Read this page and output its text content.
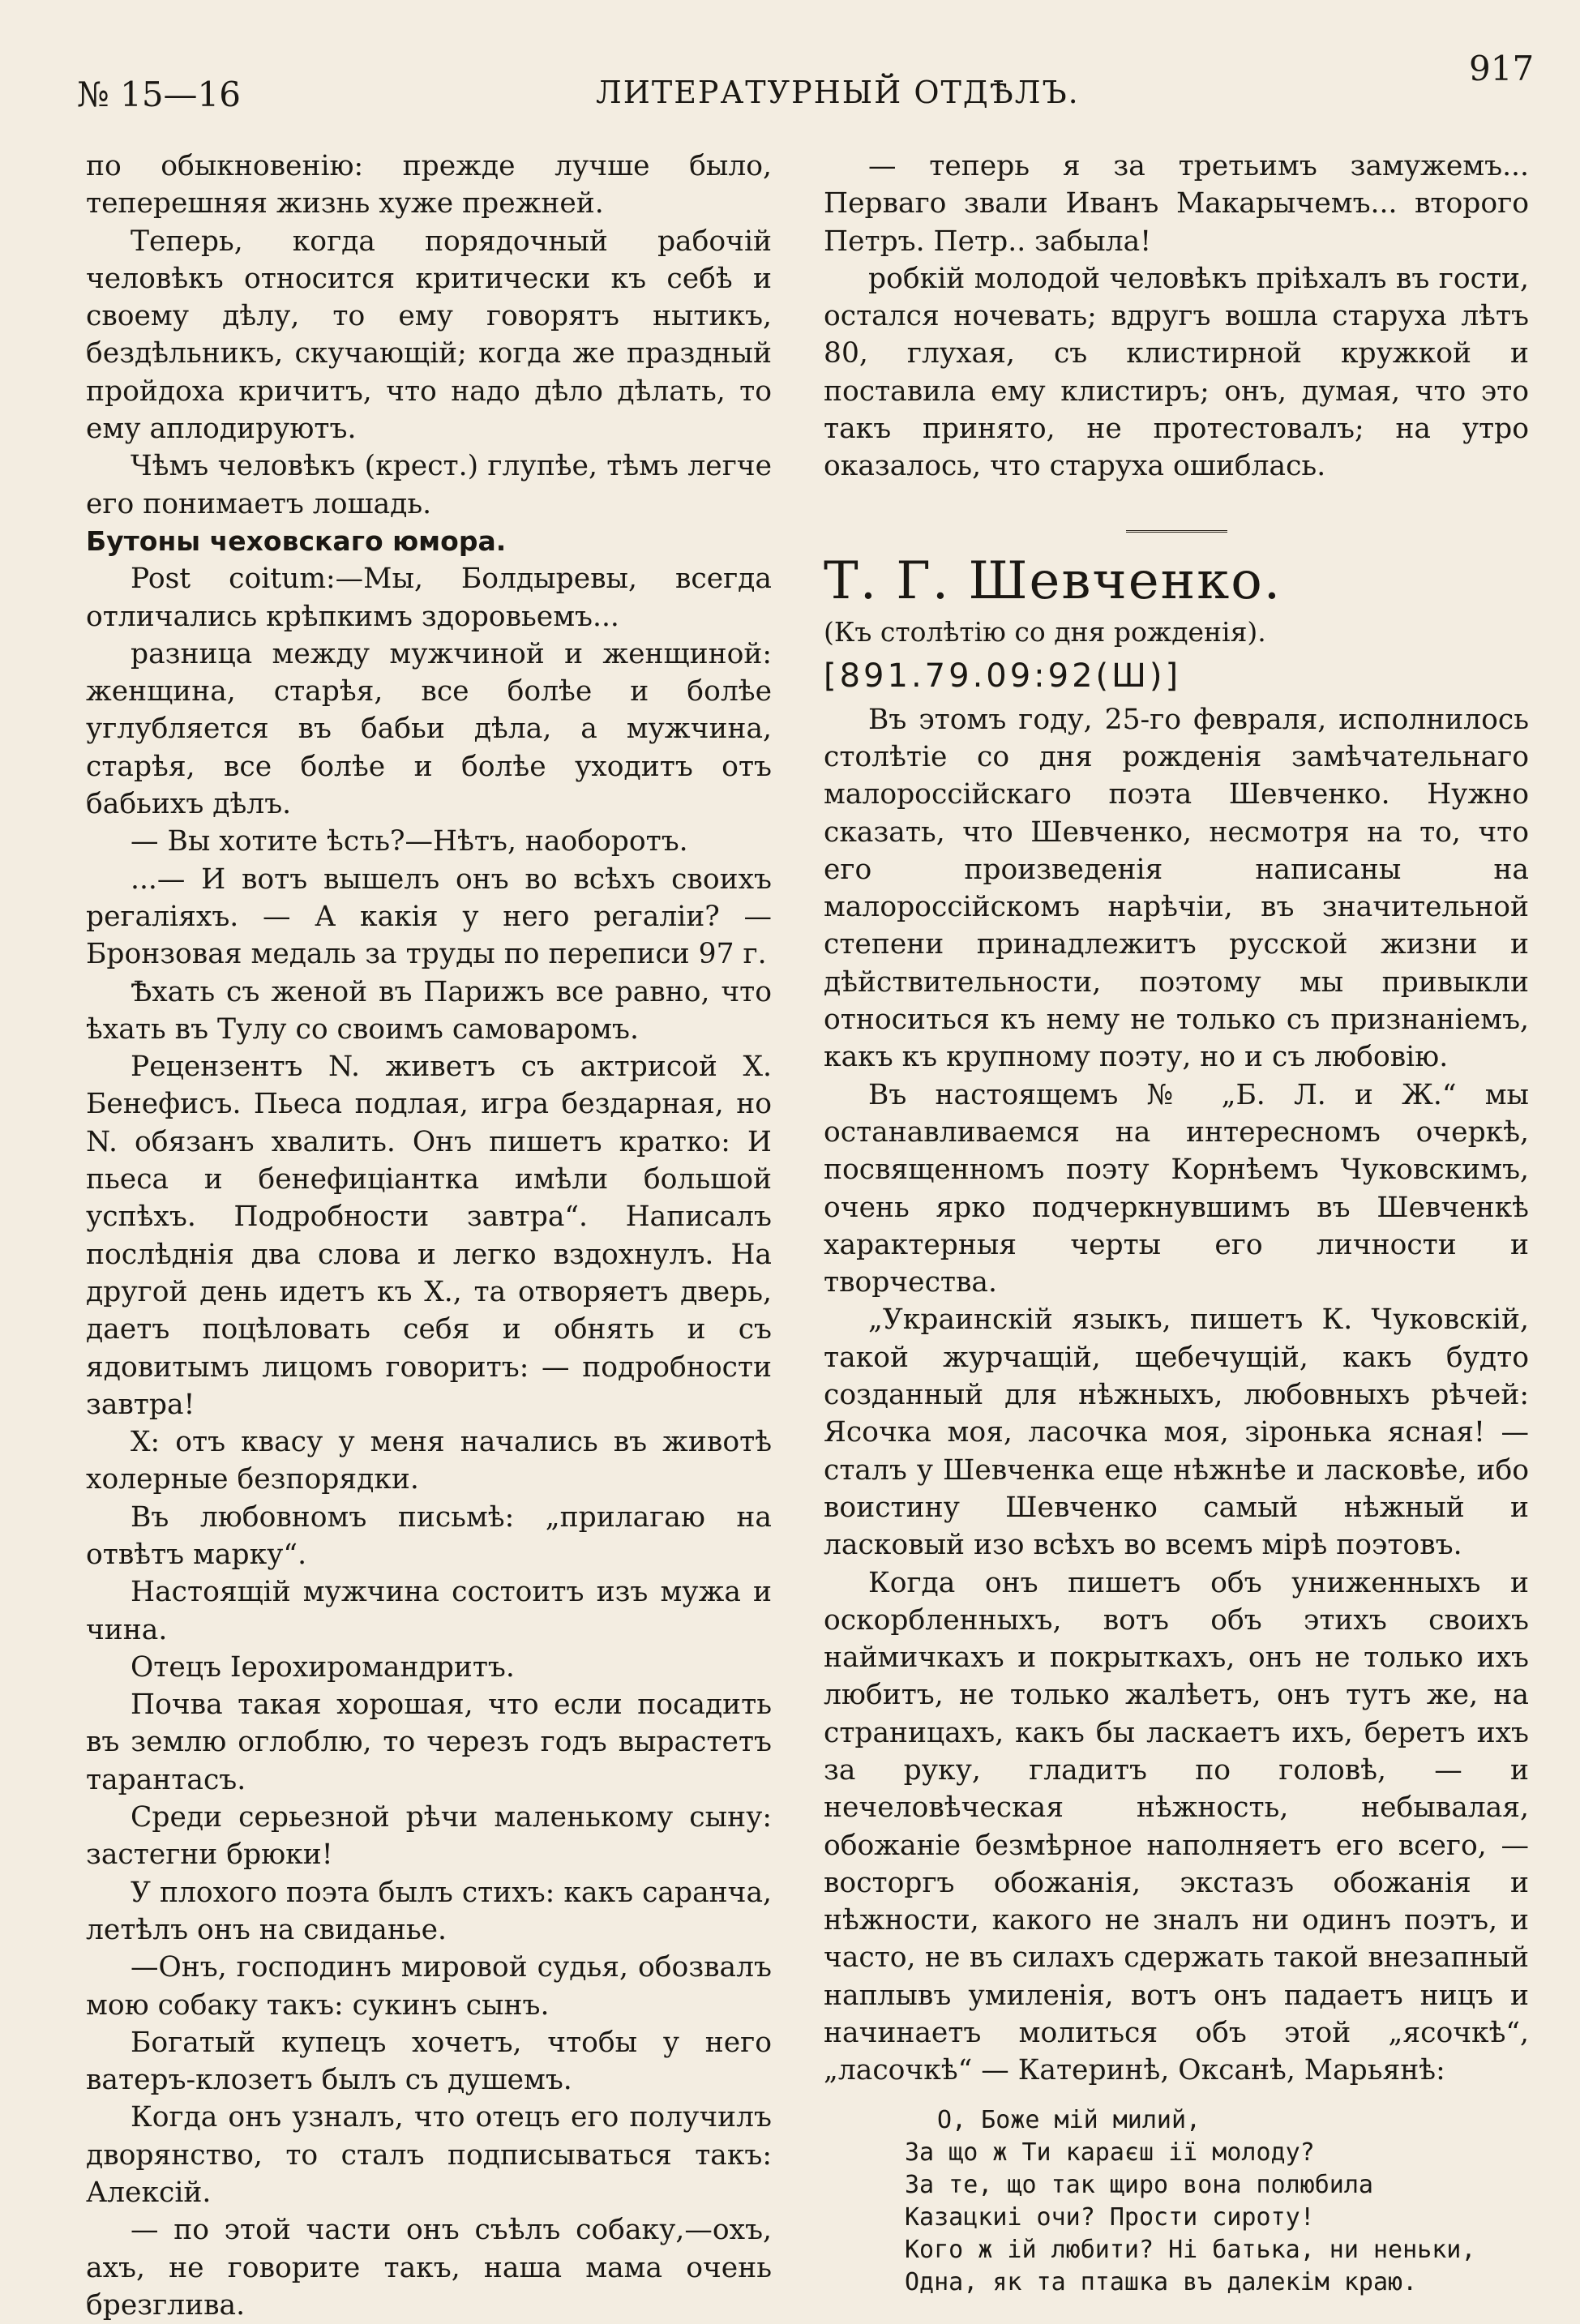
№ 15—16	ЛИТЕРАТУРНЫЙ ОТДѢЛЪ.
917

по обыкновенію: прежде лучше было, теперешняя жизнь хуже прежней.

Теперь, когда порядочный рабочій человѣкъ относится критически къ себѣ и своему дѣлу, то ему говорятъ нытикъ, бездѣльникъ, скучающій; когда же праздный пройдоха кричитъ, что надо дѣло дѣлать, то ему аплодируютъ.

Чѣмъ человѣкъ (крест.) глупѣе, тѣмъ легче его понимаетъ лошадь.

Бутоны чеховскаго юмора.

Post coitum:—Мы, Болдыревы, всегда отличались крѣпкимъ здоровьемъ...

разница между мужчиной и женщиной: женщина, старѣя, все болѣе и болѣе углубляется въ бабьи дѣла, а мужчина, старѣя, все болѣе и болѣе уходитъ отъ бабьихъ дѣлъ.

— Вы хотите ѣсть?—Нѣтъ, наоборотъ.

...— И вотъ вышелъ онъ во всѣхъ своихъ регаліяхъ. — А какія у него регаліи? — Бронзовая медаль за труды по переписи 97 г.

Ѣхать съ женой въ Парижъ все равно, что ѣхать въ Тулу со своимъ самоваромъ.

Рецензентъ N. живетъ съ актрисой X. Бенефисъ. Пьеса подлая, игра бездарная, но N. обязанъ хвалить. Онъ пишетъ кратко: И пьеса и бенефиціантка имѣли большой успѣхъ. Подробности завтра“. Написалъ послѣднія два слова и легко вздохнулъ. На другой день идетъ къ X., та отворяетъ дверь, даетъ поцѣловать себя и обнять и съ ядовитымъ лицомъ говоритъ: — подробности завтра!

X: отъ квасу у меня начались въ животѣ холерные безпорядки.

Въ любовномъ письмѣ: „прилагаю на отвѣтъ марку“.

Настоящій мужчина состоитъ изъ мужа и чина.

Отецъ Іерохиромандритъ.

Почва такая хорошая, что если посадить въ землю оглоблю, то черезъ годъ вырастетъ тарантасъ.

Среди серьезной рѣчи маленькому сыну: застегни брюки!

У плохого поэта былъ стихъ: какъ саранча, летѣлъ онъ на свиданье.

—Онъ, господинъ мировой судья, обозвалъ мою собаку такъ: сукинъ сынъ.

Богатый купецъ хочетъ, чтобы у него ватеръ-клозетъ былъ съ душемъ.

Когда онъ узналъ, что отецъ его получилъ дворянство, то сталъ подписываться такъ: Алексій.

— по этой части онъ съѣлъ собаку,—охъ, ахъ, не говорите такъ, наша мама очень брезглива.

— теперь я за третьимъ замужемъ... Перваго звали Иванъ Макарычемъ... второго Петръ. Петр.. забыла!

робкій молодой человѣкъ пріѣхалъ въ гости, остался ночевать; вдругъ вошла старуха лѣтъ 80, глухая, съ клистирной кружкой и поставила ему клистиръ; онъ, думая, что это такъ принято, не протестовалъ; на утро оказалось, что старуха ошиблась.

Т. Г. Шевченко.

(Къ столѣтію со дня рожденія).

[891.79.09:92(Ш)]

Въ этомъ году, 25-го февраля, исполнилось столѣтіе со дня рожденія замѣчательнаго малороссійскаго поэта Шевченко. Нужно сказать, что Шевченко, несмотря на то, что его произведенія написаны на малороссійскомъ нарѣчіи, въ значительной степени принадлежитъ русской жизни и дѣйствительности, поэтому мы привыкли относиться къ нему не только съ признаніемъ, какъ къ крупному поэту, но и съ любовію.

Въ настоящемъ № „Б. Л. и Ж.“ мы останавливаемся на интересномъ очеркѣ, посвященномъ поэту Корнѣемъ Чуковскимъ, очень ярко подчеркнувшимъ въ Шевченкѣ характерныя черты его личности и творчества.

„Украинскій языкъ, пишетъ К. Чуковскій, такой журчащій, щебечущій, какъ будто созданный для нѣжныхъ, любовныхъ рѣчей: Ясочка моя, ласочка моя, зіронька ясная! — сталъ у Шевченка еще нѣжнѣе и ласковѣе, ибо воистину Шевченко самый нѣжный и ласковый изо всѣхъ во всемъ мірѣ поэтовъ.

Когда онъ пишетъ объ униженныхъ и оскорбленныхъ, вотъ объ этихъ своихъ наймичкахъ и покрыткахъ, онъ не только ихъ любитъ, не только жалѣетъ, онъ тутъ же, на страницахъ, какъ бы ласкаетъ ихъ, беретъ ихъ за руку, гладитъ по головѣ, — и нечеловѣческая нѣжность, небывалая, обожаніе безмѣрное наполняетъ его всего, — восторгъ обожанія, экстазъ обожанія и нѣжности, какого не зналъ ни одинъ поэтъ, и часто, не въ силахъ сдержать такой внезапный наплывъ умиленія, вотъ онъ падаетъ ницъ и начинаетъ молиться объ этой „ясочкѣ“, „ласочкѣ“ — Катеринѣ, Оксанѣ, Марьянѣ:

О, Боже мій милий,
За що ж Ти караєш ії молоду?
За те, що так щиро вона полюбила
Казацкиі очи? Прости сироту!
Кого ж ій любити? Ні батька, ни неньки,
Одна, як та пташка въ далекім краю.
